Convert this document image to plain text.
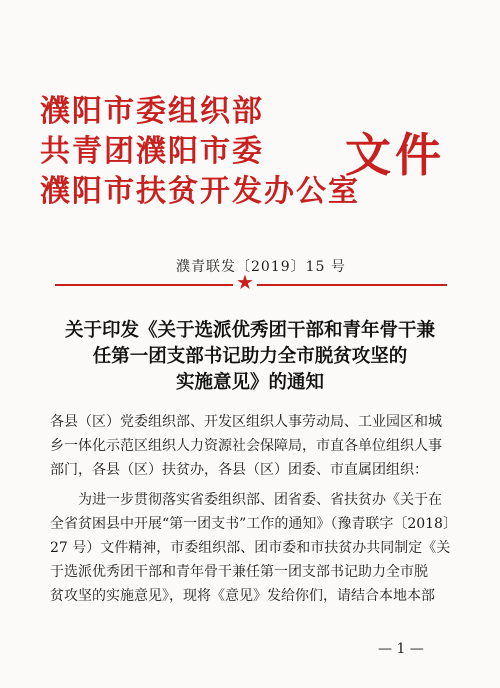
濮阳市委组织部
共青团濮阳市委
濮阳市扶贫开发办公室
文件
濮青联发〔2019〕15 号
★
关于印发《关于选派优秀团干部和青年骨干兼
任第一团支部书记助力全市脱贫攻坚的
实施意见》的通知
各县（区）党委组织部、开发区组织人事劳动局、工业园区和城
乡一体化示范区组织人力资源社会保障局，市直各单位组织人事
部门，各县（区）扶贫办，各县（区）团委、市直属团组织：
为进一步贯彻落实省委组织部、团省委、省扶贫办《关于在
全省贫困县中开展“第一团支书”工作的通知》（豫青联字〔2018〕
27 号）文件精神，市委组织部、团市委和市扶贫办共同制定《关
于选派优秀团干部和青年骨干兼任第一团支部书记助力全市脱
贫攻坚的实施意见》，现将《意见》发给你们，请结合本地本部
— 1 —
